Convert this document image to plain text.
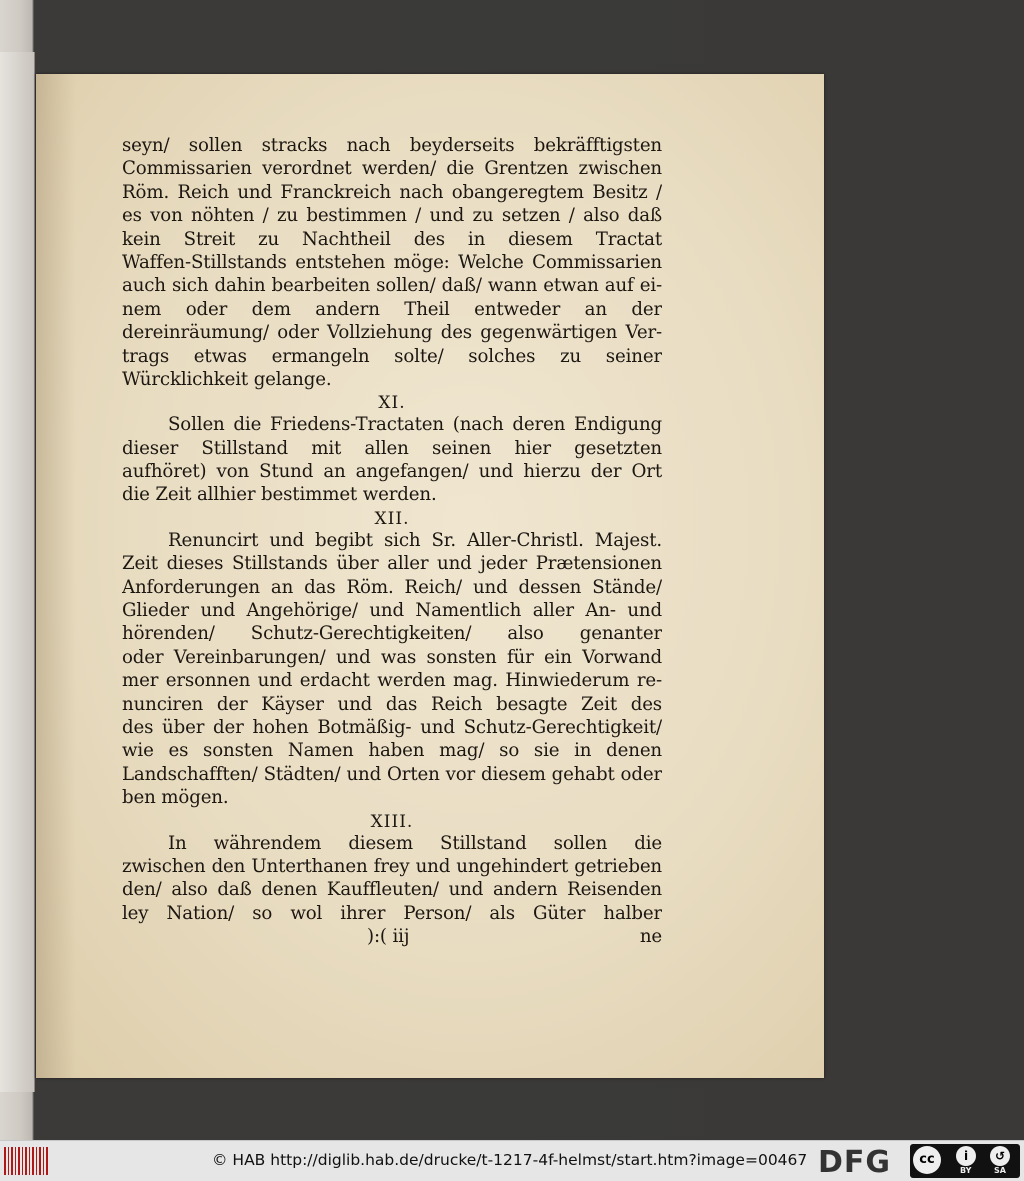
seyn/ sollen stracks nach beyderseits bekräfftigsten
Commissarien verordnet werden/ die Grentzen zwischen
Röm. Reich und Franckreich nach obangeregtem Besitz /
es von nöhten / zu bestimmen / und zu setzen / also daß
kein Streit zu Nachtheil des in diesem Tractat
Waffen-Stillstands entstehen möge: Welche Commissarien
auch sich dahin bearbeiten sollen/ daß/ wann etwan auf ei-
nem oder dem andern Theil entweder an der
dereinräumung/ oder Vollziehung des gegenwärtigen Ver-
trags etwas ermangeln solte/ solches zu seiner
Würcklichkeit gelange.
XI.
Sollen die Friedens-Tractaten (nach deren Endigung
dieser Stillstand mit allen seinen hier gesetzten
aufhöret) von Stund an angefangen/ und hierzu der Ort
die Zeit allhier bestimmet werden.
XII.
Renuncirt und begibt sich Sr. Aller-Christl. Majest.
Zeit dieses Stillstands über aller und jeder Prætensionen
Anforderungen an das Röm. Reich/ und dessen Stände/
Glieder und Angehörige/ und Namentlich aller An- und
hörenden/ Schutz-Gerechtigkeiten/ also genanter
oder Vereinbarungen/ und was sonsten für ein Vorwand
mer ersonnen und erdacht werden mag. Hinwiederum re-
nunciren der Käyser und das Reich besagte Zeit des
des über der hohen Botmäßig- und Schutz-Gerechtigkeit/
wie es sonsten Namen haben mag/ so sie in denen
Landschafften/ Städten/ und Orten vor diesem gehabt oder
ben mögen.
XIII.
In währendem diesem Stillstand sollen die
zwischen den Unterthanen frey und ungehindert getrieben
den/ also daß denen Kauffleuten/ und andern Reisenden
ley Nation/ so wol ihrer Person/ als Güter halber
):( iij	ne
© HAB http://diglib.hab.de/drucke/t-1217-4f-helmst/start.htm?image=00467 DFG	cc	i	↺
BY	SA
